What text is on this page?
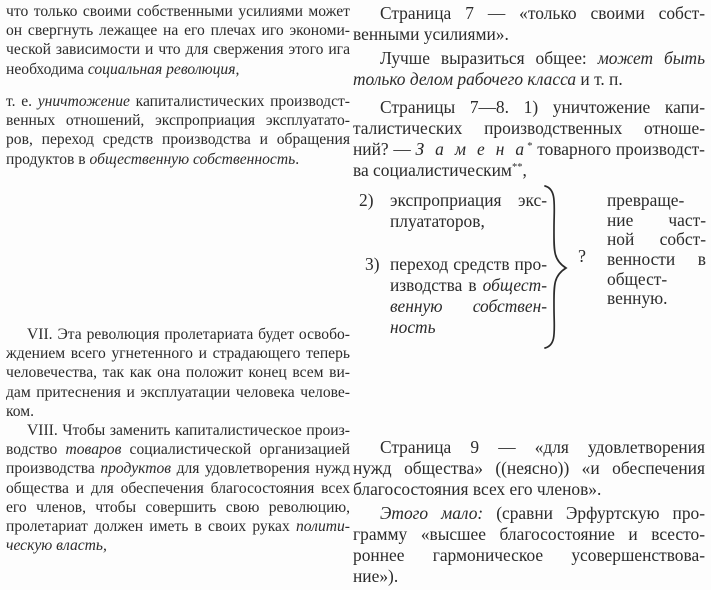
что только своими собственными усилиями может
он свергнуть лежащее на его плечах иго экономи-
ческой зависимости и что для свержения этого ига
необходима социальная революция,
т. е. уничтожение капиталистических производст-
венных отношений, экспроприация эксплуатато-
ров, переход средств производства и обращения
продуктов в общественную собственность.
VII. Эта революция пролетариата будет освобо-
ждением всего угнетенного и страдающего теперь
человечества, так как она положит конец всем ви-
дам притеснения и эксплуатации человека челове-
ком.
VIII. Чтобы заменить капиталистическое произ-
водство товаров социалистической организацией
производства продуктов для удовлетворения нужд
общества и для обеспечения благосостояния всех
его членов, чтобы совершить свою революцию,
пролетариат должен иметь в своих руках полити-
ческую власть,
Страница 7 — «только своими собст-
венными усилиями».
Лучше выразиться общее: может быть
только делом рабочего класса и т. п.
Страницы 7—8. 1) уничтожение капи-
талистических производственных отноше-
ний? — З а м е н а* товарного производст-
ва социалистическим**,
2) экспроприация экс-
плуататоров,
3) переход средств про-
изводства в общест-
венную собствен-
ность
?
превраще-
ние част-
ной собст-
венности в
общест-
венную.
Страница 9 — «для удовлетворения
нужд общества» ((неясно)) «и обеспечения
благосостояния всех его членов».
Этого мало: (сравни Эрфуртскую про-
грамму «высшее благосостояние и всесто-
роннее гармоническое усовершенствова-
ние»).
